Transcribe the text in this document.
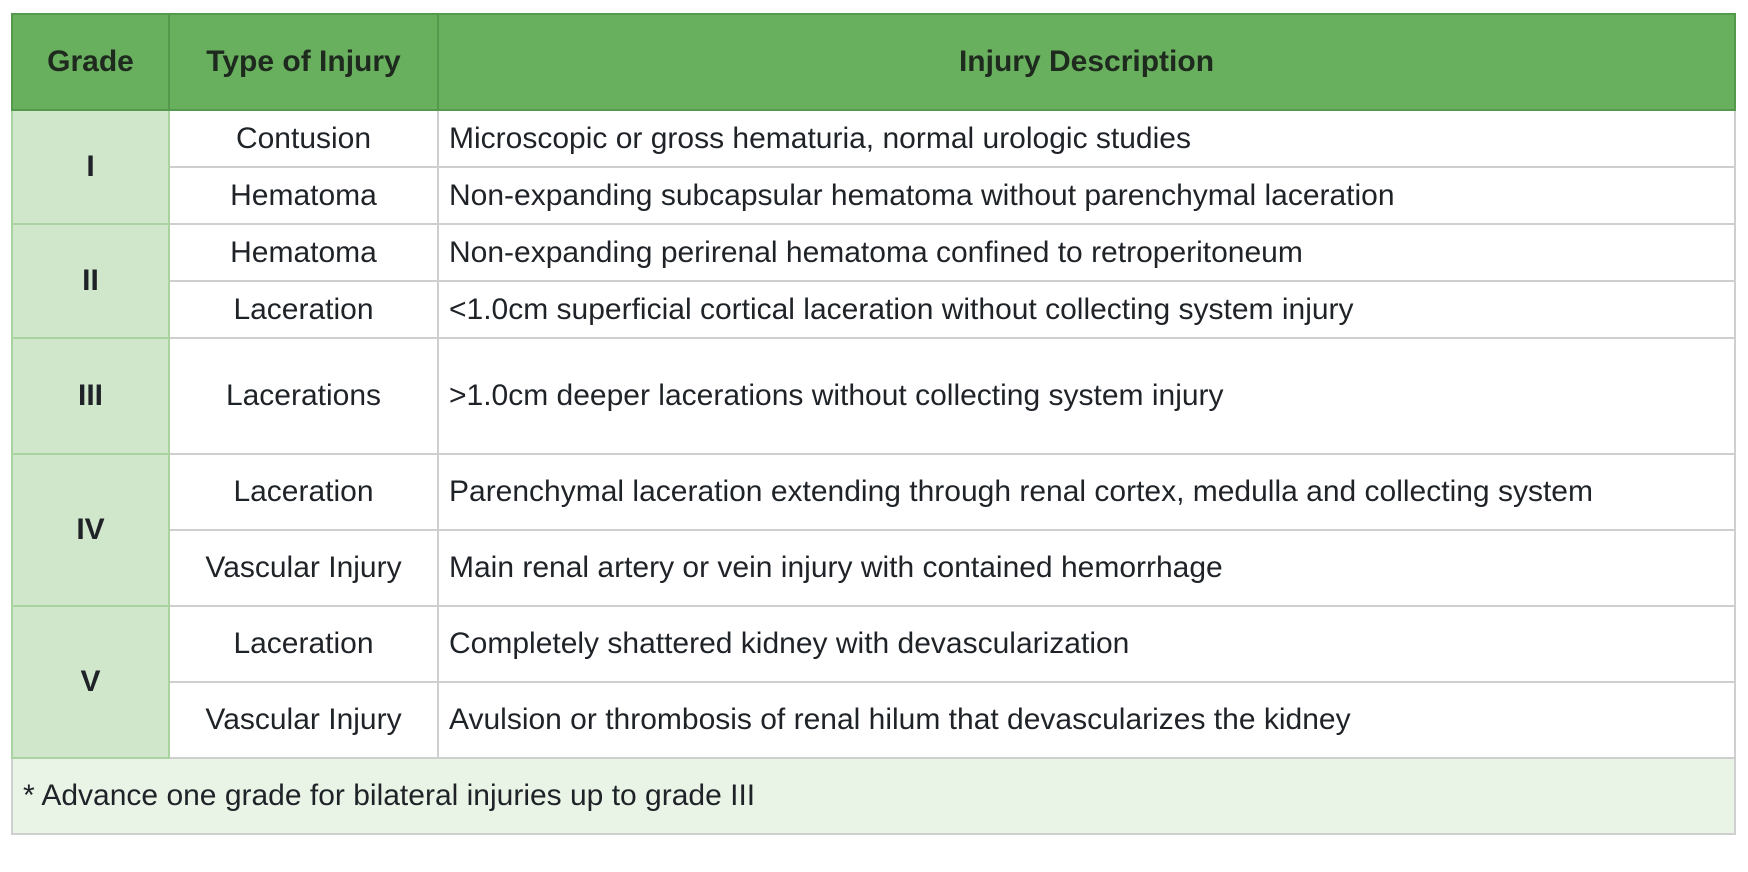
Grade	Type of Injury	Injury Description
I	Contusion	Microscopic or gross hematuria, normal urologic studies
	Hematoma	Non-expanding subcapsular hematoma without parenchymal laceration
II	Hematoma	Non-expanding perirenal hematoma confined to retroperitoneum
	Laceration	<1.0cm superficial cortical laceration without collecting system injury
III	Lacerations	>1.0cm deeper lacerations without collecting system injury
IV	Laceration	Parenchymal laceration extending through renal cortex, medulla and collecting system
	Vascular Injury	Main renal artery or vein injury with contained hemorrhage
V	Laceration	Completely shattered kidney with devascularization
	Vascular Injury	Avulsion or thrombosis of renal hilum that devascularizes the kidney
* Advance one grade for bilateral injuries up to grade III		
